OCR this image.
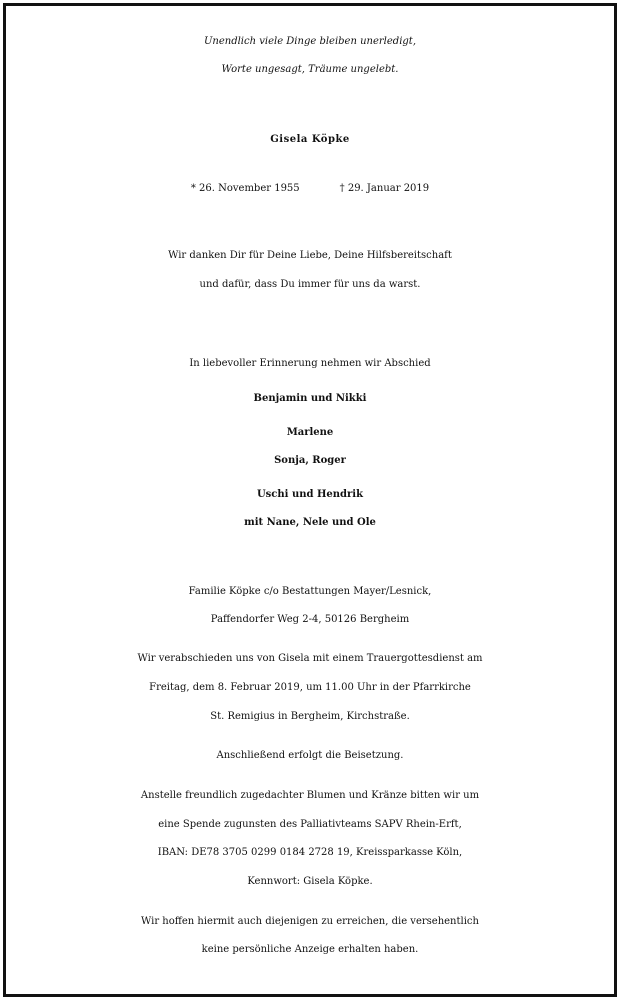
Unendlich viele Dinge bleiben unerledigt,
Worte ungesagt, Träume ungelebt.
Gisela Köpke
* 26. November 1955	† 29. Januar 2019
Wir danken Dir für Deine Liebe, Deine Hilfsbereitschaft
und dafür, dass Du immer für uns da warst.
In liebevoller Erinnerung nehmen wir Abschied
Benjamin und Nikki
Marlene
Sonja, Roger
Uschi und Hendrik
mit Nane, Nele und Ole
Familie Köpke c/o Bestattungen Mayer/Lesnick,
Paffendorfer Weg 2-4, 50126 Bergheim
Wir verabschieden uns von Gisela mit einem Trauergottesdienst am
Freitag, dem 8. Februar 2019, um 11.00 Uhr in der Pfarrkirche
St. Remigius in Bergheim, Kirchstraße.
Anschließend erfolgt die Beisetzung.
Anstelle freundlich zugedachter Blumen und Kränze bitten wir um
eine Spende zugunsten des Palliativteams SAPV Rhein-Erft,
IBAN: DE78 3705 0299 0184 2728 19, Kreissparkasse Köln,
Kennwort: Gisela Köpke.
Wir hoffen hiermit auch diejenigen zu erreichen, die versehentlich
keine persönliche Anzeige erhalten haben.
